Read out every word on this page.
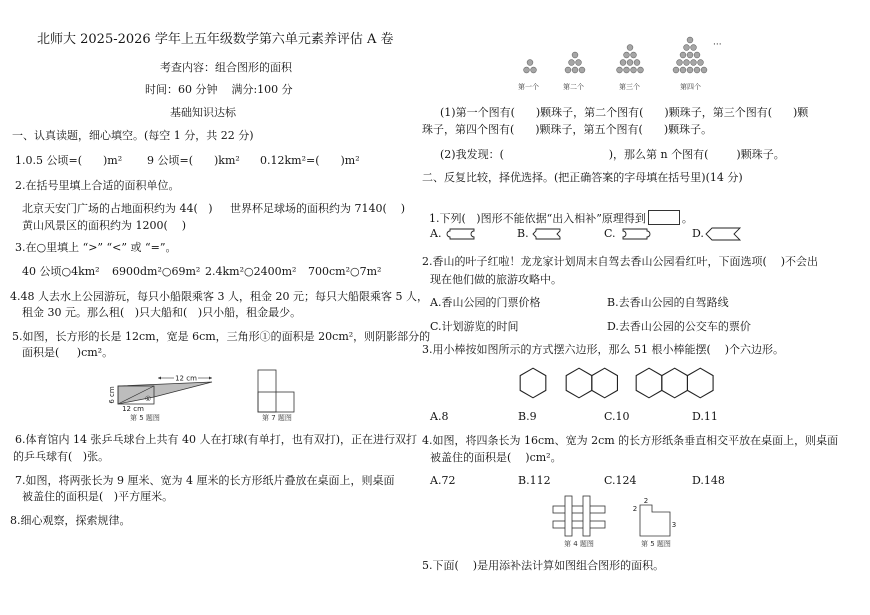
北师大 2025-2026 学年上五年级数学第六单元素养评估 A 卷
考查内容：组合图形的面积
时间：60 分钟    满分:100 分
基础知识达标
一、认真读题，细心填空。(每空 1 分，共 22 分)
1.0.5 公顷=(      )m² 9 公顷=(      )km² 0.12km²=(      )m²
2.在括号里填上合适的面积单位。
北京天安门广场的占地面积约为 44(   ) 世界杯足球场的面积约为 7140(    )
黄山风景区的面积约为 1200(    )
3.在○里填上 “>” “<” 或 “=”。
40 公顷○4km² 6900dm²○69m² 2.4km²○2400m² 700cm²○7m²
4.48 人去水上公园游玩，每只小船限乘客 3 人，租金 20 元；每只大船限乘客 5 人，
租金 30 元。那么租(   )只大船和(   )只小船，租金最少。
5.如图，长方形的长是 12cm，宽是 6cm，三角形①的面积是 20cm²，则阴影部分的
面积是(     )cm²。
12 cm
6 cm
12 cm
①
第 5 题图	第 7 题图
6.体育馆内 14 张乒乓球台上共有 40 人在打球(有单打，也有双打)，正在进行双打
的乒乓球有(   )张。
7.如图，将两张长为 9 厘米、宽为 4 厘米的长方形纸片叠放在桌面上，则桌面
被盖住的面积是(   )平方厘米。
8.细心观察，探索规律。
···
第一个	第二个	第三个	第四个
(1)第一个图有(      )颗珠子，第二个图有(      )颗珠子，第三个图有(      )颗
珠子，第四个图有(      )颗珠子，第五个图有(      )颗珠子。
(2)我发现：(                              )，那么第 n 个图有(        )颗珠子。
二、反复比较，择优选择。(把正确答案的字母填在括号里)(14 分)

1.下列(   )图形不能依据“出入相补”原理得到	。

A.	B.	C.	D.
2.香山的叶子红啦！龙龙家计划周末自驾去香山公园看红叶，下面选项(    )不会出
现在他们做的旅游攻略中。
A.香山公园的门票价格	B.去香山公园的自驾路线
C.计划游览的时间	D.去香山公园的公交车的票价
3.用小棒按如图所示的方式摆六边形，那么 51 根小棒能摆(    )个六边形。
A.8	B.9	C.10	D.11
4.如图，将四条长为 16cm、宽为 2cm 的长方形纸条垂直相交平放在桌面上，则桌面
被盖住的面积是(    )cm²。
A.72	B.112	C.124	D.148
2
2
3
第 4 题图	第 5 题图
5.下面(    )是用添补法计算如图组合图形的面积。
